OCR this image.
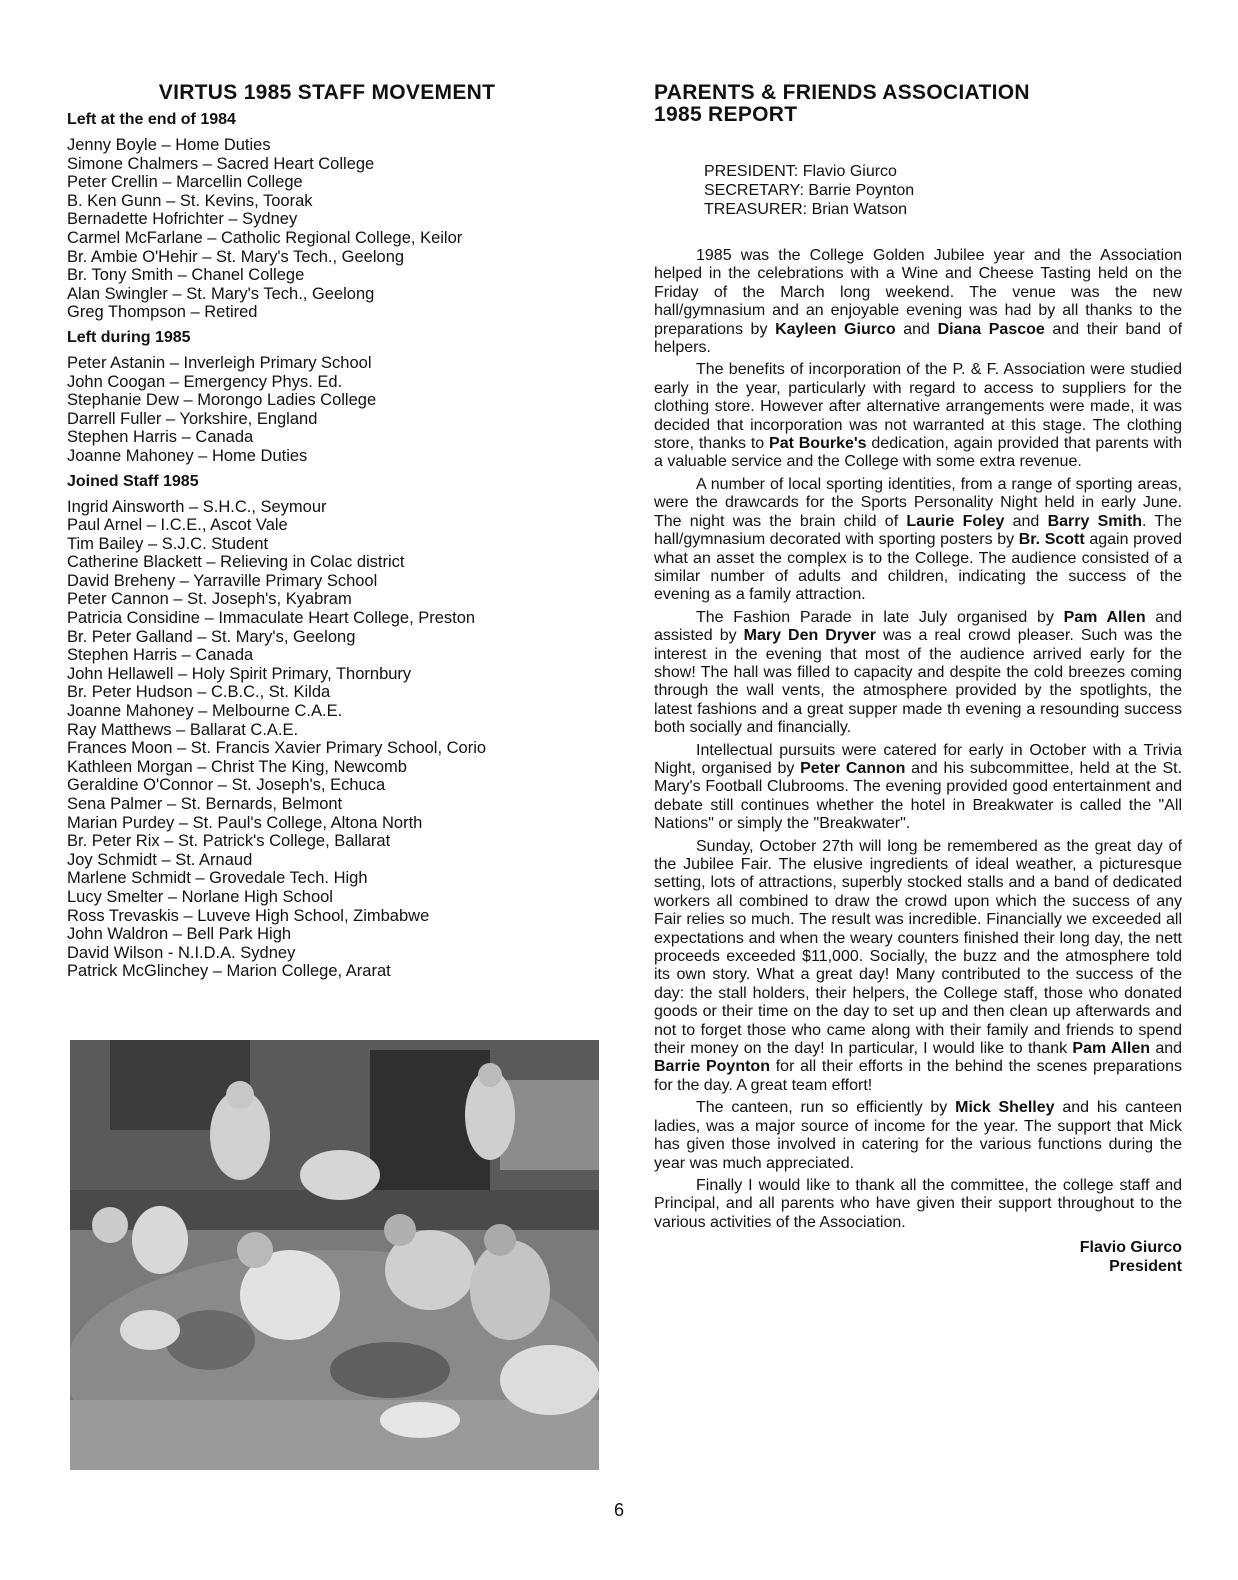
VIRTUS 1985 STAFF MOVEMENT
Left at the end of 1984
Jenny Boyle – Home Duties
Simone Chalmers – Sacred Heart College
Peter Crellin – Marcellin College
B. Ken Gunn – St. Kevins, Toorak
Bernadette Hofrichter – Sydney
Carmel McFarlane – Catholic Regional College, Keilor
Br. Ambie O'Hehir – St. Mary's Tech., Geelong
Br. Tony Smith – Chanel College
Alan Swingler – St. Mary's Tech., Geelong
Greg Thompson – Retired
Left during 1985
Peter Astanin – Inverleigh Primary School
John Coogan – Emergency Phys. Ed.
Stephanie Dew – Morongo Ladies College
Darrell Fuller – Yorkshire, England
Stephen Harris – Canada
Joanne Mahoney – Home Duties
Joined Staff 1985
Ingrid Ainsworth – S.H.C., Seymour
Paul Arnel – I.C.E., Ascot Vale
Tim Bailey – S.J.C. Student
Catherine Blackett – Relieving in Colac district
David Breheny – Yarraville Primary School
Peter Cannon – St. Joseph's, Kyabram
Patricia Considine – Immaculate Heart College, Preston
Br. Peter Galland – St. Mary's, Geelong
Stephen Harris – Canada
John Hellawell – Holy Spirit Primary, Thornbury
Br. Peter Hudson – C.B.C., St. Kilda
Joanne Mahoney – Melbourne C.A.E.
Ray Matthews – Ballarat C.A.E.
Frances Moon – St. Francis Xavier Primary School, Corio
Kathleen Morgan – Christ The King, Newcomb
Geraldine O'Connor – St. Joseph's, Echuca
Sena Palmer – St. Bernards, Belmont
Marian Purdey – St. Paul's College, Altona North
Br. Peter Rix – St. Patrick's College, Ballarat
Joy Schmidt – St. Arnaud
Marlene Schmidt – Grovedale Tech. High
Lucy Smelter – Norlane High School
Ross Trevaskis – Luveve High School, Zimbabwe
John Waldron – Bell Park High
David Wilson - N.I.D.A. Sydney
Patrick McGlinchey – Marion College, Ararat
PARENTS & FRIENDS ASSOCIATION
1985 REPORT
PRESIDENT: Flavio Giurco
SECRETARY: Barrie Poynton
TREASURER: Brian Watson

1985 was the College Golden Jubilee year and the Association helped in the celebrations with a Wine and Cheese Tasting held on the Friday of the March long weekend. The venue was the new hall/gymnasium and an enjoyable evening was had by all thanks to the preparations by Kayleen Giurco and Diana Pascoe and their band of helpers.

The benefits of incorporation of the P. & F. Association were studied early in the year, particularly with regard to access to suppliers for the clothing store. However after alternative arrangements were made, it was decided that incorporation was not warranted at this stage. The clothing store, thanks to Pat Bourke's dedication, again provided that parents with a valuable service and the College with some extra revenue.

A number of local sporting identities, from a range of sporting areas, were the drawcards for the Sports Personality Night held in early June. The night was the brain child of Laurie Foley and Barry Smith. The hall/gymnasium decorated with sporting posters by Br. Scott again proved what an asset the complex is to the College. The audience consisted of a similar number of adults and children, indicating the success of the evening as a family attraction.

The Fashion Parade in late July organised by Pam Allen and assisted by Mary Den Dryver was a real crowd pleaser. Such was the interest in the evening that most of the audience arrived early for the show! The hall was filled to capacity and despite the cold breezes coming through the wall vents, the atmosphere provided by the spotlights, the latest fashions and a great supper made th evening a resounding success both socially and financially.

Intellectual pursuits were catered for early in October with a Trivia Night, organised by Peter Cannon and his subcommittee, held at the St. Mary's Football Clubrooms. The evening provided good entertainment and debate still continues whether the hotel in Breakwater is called the "All Nations" or simply the "Breakwater".

Sunday, October 27th will long be remembered as the great day of the Jubilee Fair. The elusive ingredients of ideal weather, a picturesque setting, lots of attractions, superbly stocked stalls and a band of dedicated workers all combined to draw the crowd upon which the success of any Fair relies so much. The result was incredible. Financially we exceeded all expectations and when the weary counters finished their long day, the nett proceeds exceeded $11,000. Socially, the buzz and the atmosphere told its own story. What a great day! Many contributed to the success of the day: the stall holders, their helpers, the College staff, those who donated goods or their time on the day to set up and then clean up afterwards and not to forget those who came along with their family and friends to spend their money on the day! In particular, I would like to thank Pam Allen and Barrie Poynton for all their efforts in the behind the scenes preparations for the day. A great team effort!

The canteen, run so efficiently by Mick Shelley and his canteen ladies, was a major source of income for the year. The support that Mick has given those involved in catering for the various functions during the year was much appreciated.

Finally I would like to thank all the committee, the college staff and Principal, and all parents who have given their support throughout to the various activities of the Association.

Flavio Giurco
President
6
